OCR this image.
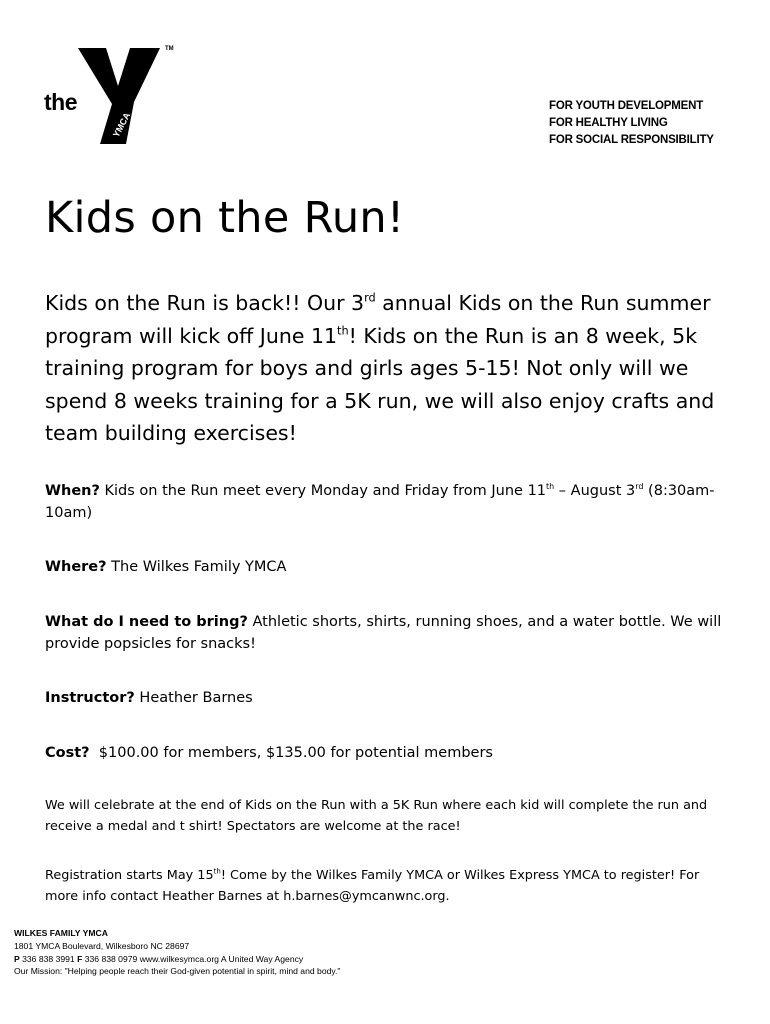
the
YMCA
TM
FOR YOUTH DEVELOPMENT
FOR HEALTHY LIVING
FOR SOCIAL RESPONSIBILITY
Kids on the Run!
Kids on the Run is back!! Our 3rd annual Kids on the Run summer program will kick off June 11th! Kids on the Run is an 8 week, 5k training program for boys and girls ages 5-15! Not only will we spend 8 weeks training for a 5K run, we will also enjoy crafts and team building exercises!
When? Kids on the Run meet every Monday and Friday from June 11th – August 3rd (8:30am-10am)
Where? The Wilkes Family YMCA
What do I need to bring? Athletic shorts, shirts, running shoes, and a water bottle. We will provide popsicles for snacks!
Instructor? Heather Barnes
Cost?  $100.00 for members, $135.00 for potential members
We will celebrate at the end of Kids on the Run with a 5K Run where each kid will complete the run and receive a medal and t shirt! Spectators are welcome at the race!
Registration starts May 15th! Come by the Wilkes Family YMCA or Wilkes Express YMCA to register! For more info contact Heather Barnes at h.barnes@ymcanwnc.org.
WILKES FAMILY YMCA
1801 YMCA Boulevard, Wilkesboro NC 28697
P 336 838 3991 F 336 838 0979 www.wilkesymca.org A United Way Agency
Our Mission: "Helping people reach their God-given potential in spirit, mind and body."
